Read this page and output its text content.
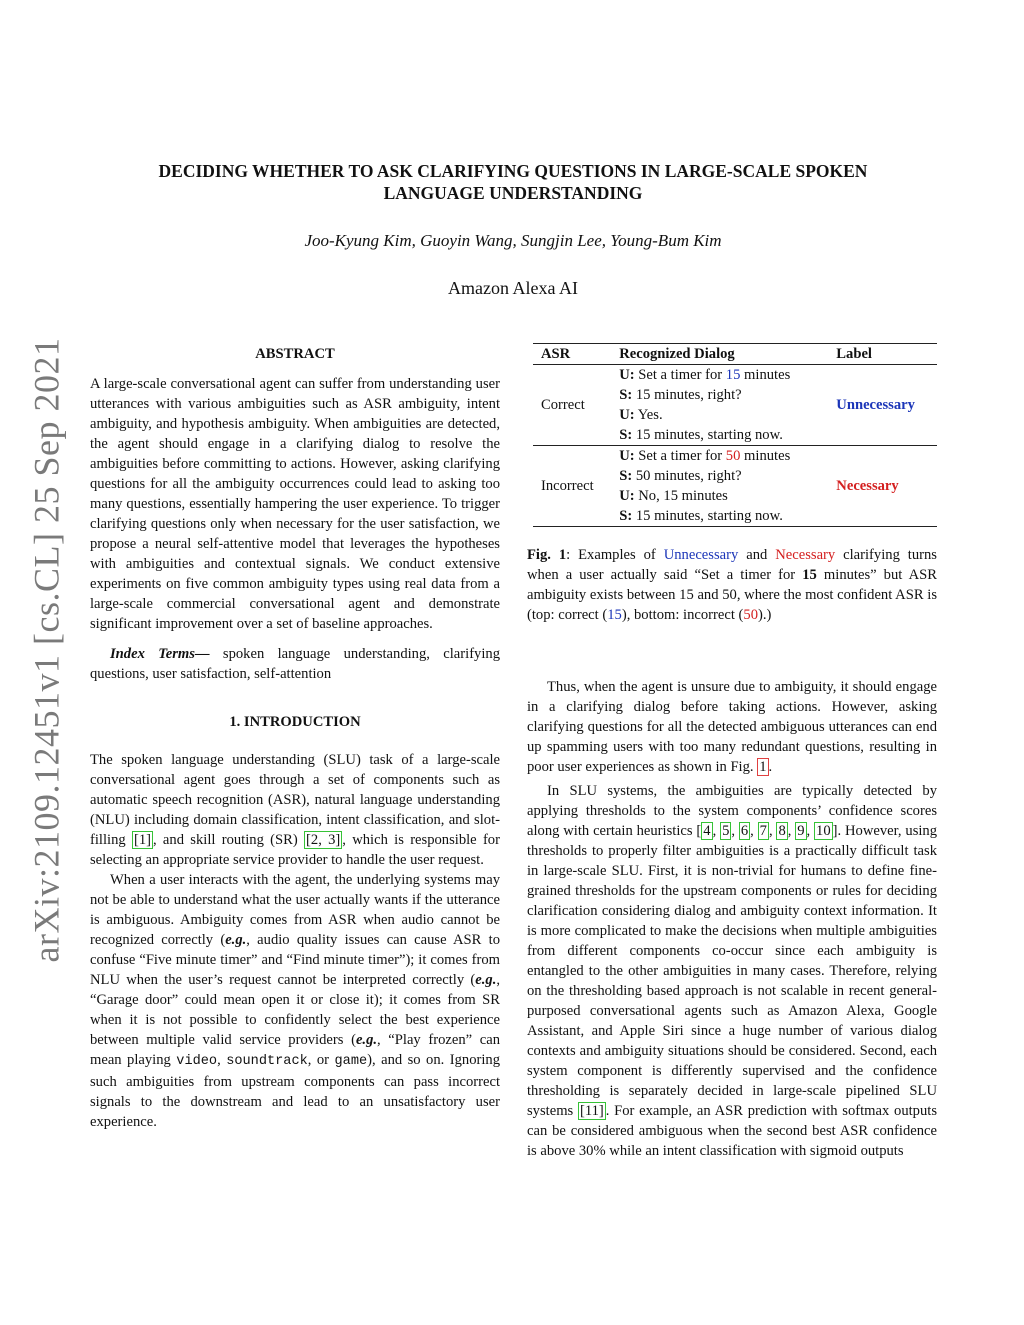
arXiv:2109.12451v1 [cs.CL] 25 Sep 2021
DECIDING WHETHER TO ASK CLARIFYING QUESTIONS IN LARGE-SCALE SPOKEN
LANGUAGE UNDERSTANDING
Joo-Kyung Kim, Guoyin Wang, Sungjin Lee, Young-Bum Kim
Amazon Alexa AI
ABSTRACT

A large-scale conversational agent can suffer from understanding user utterances with various ambiguities such as ASR ambiguity, intent ambiguity, and hypothesis ambiguity. When ambiguities are detected, the agent should engage in a clarifying dialog to resolve the ambiguities before committing to actions. However, asking clarifying questions for all the ambiguity occurrences could lead to asking too many questions, essentially hampering the user experience. To trigger clarifying questions only when necessary for the user satisfaction, we propose a neural self-attentive model that leverages the hypotheses with ambiguities and contextual signals. We conduct extensive experiments on five common ambiguity types using real data from a large-scale commercial conversational agent and demonstrate significant improvement over a set of baseline approaches.

Index Terms— spoken language understanding, clarifying questions, user satisfaction, self-attention

1. INTRODUCTION

The spoken language understanding (SLU) task of a large-scale conversational agent goes through a set of components such as automatic speech recognition (ASR), natural language understanding (NLU) including domain classification, intent classification, and slot-filling [1] , and skill routing (SR) [2, 3] , which is responsible for selecting an appropriate service provider to handle the user request.

When a user interacts with the agent, the underlying systems may not be able to understand what the user actually wants if the utterance is ambiguous. Ambiguity comes from ASR when audio cannot be recognized correctly (e.g., audio quality issues can cause ASR to confuse “Five minute timer” and “Find minute timer”); it comes from NLU when the user’s request cannot be interpreted correctly (e.g., “Garage door” could mean open it or close it); it comes from SR when it is not possible to confidently select the best experience between multiple valid service providers (e.g., “Play frozen” can mean playing video, soundtrack, or game), and so on. Ignoring such ambiguities from upstream components can pass incorrect signals to the downstream and lead to an unsatisfactory user experience.

ASR	Recognized Dialog	Label
Correct	U: Set a timer for 15 minutes
S: 15 minutes, right?
U: Yes.
S: 15 minutes, starting now.	Unnecessary
Incorrect	U: Set a timer for 50 minutes
S: 50 minutes, right?
U: No, 15 minutes
S: 15 minutes, starting now.	Necessary

Fig. 1: Examples of Unnecessary and Necessary clarifying turns when a user actually said “Set a timer for 15 minutes” but ASR ambiguity exists between 15 and 50, where the most confident ASR is (top: correct (15), bottom: incorrect (50).)

Thus, when the agent is unsure due to ambiguity, it should engage in a clarifying dialog before taking actions. However, asking clarifying questions for all the detected ambiguous utterances can end up spamming users with too many redundant questions, resulting in poor user experiences as shown in Fig. 1 .

In SLU systems, the ambiguities are typically detected by applying thresholds to the system components’ confidence scores along with certain heuristics [ 4 , 5 , 6 , 7 , 8 , 9 , 10 ]. However, using thresholds to properly filter ambiguities is a practically difficult task in large-scale SLU. First, it is non-trivial for humans to define fine-grained thresholds for the upstream components or rules for deciding clarification considering dialog and ambiguity context information. It is more complicated to make the decisions when multiple ambiguities from different components co-occur since each ambiguity is entangled to the other ambiguities in many cases. Therefore, relying on the thresholding based approach is not scalable in recent general-purposed conversational agents such as Amazon Alexa, Google Assistant, and Apple Siri since a huge number of various dialog contexts and ambiguity situations should be considered. Second, each system component is differently supervised and the confidence thresholding is separately decided in large-scale pipelined SLU systems [11] . For example, an ASR prediction with softmax outputs can be considered ambiguous when the second best ASR confidence is above 30% while an intent classification with sigmoid outputs
